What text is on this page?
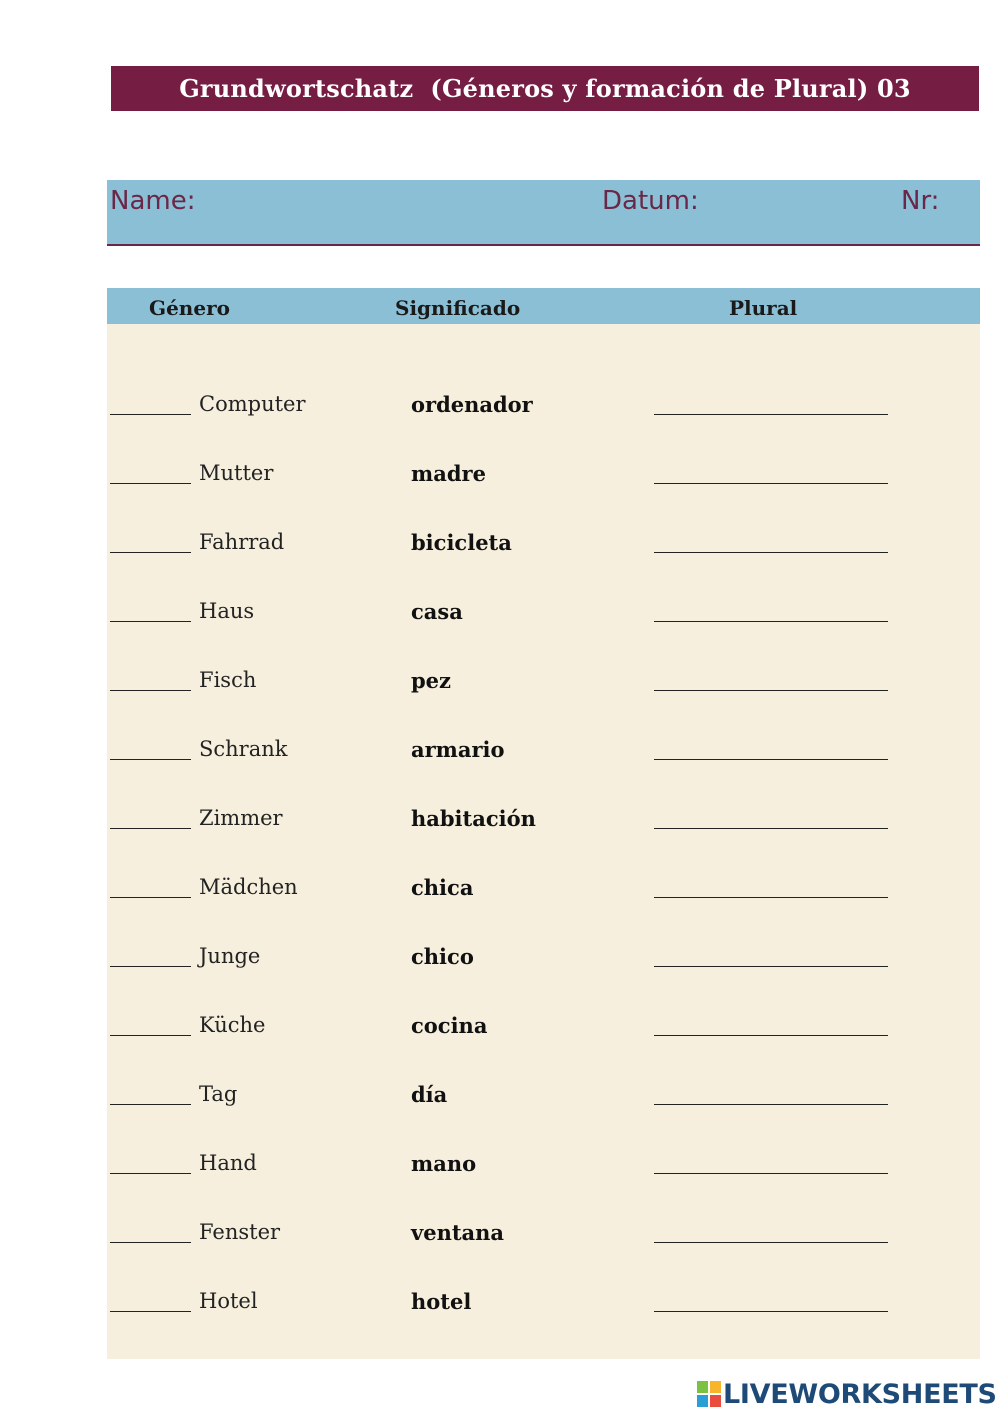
Grundwortschatz  (Géneros y formación de Plural) 03
Name:	Datum:	Nr:
Género	Significado	Plural
Computer	ordenador
Mutter	madre
Fahrrad	bicicleta
Haus	casa
Fisch	pez
Schrank	armario
Zimmer	habitación
Mädchen	chica
Junge	chico
Küche	cocina
Tag	día
Hand	mano
Fenster	ventana
Hotel	hotel
LIVEWORKSHEETS
